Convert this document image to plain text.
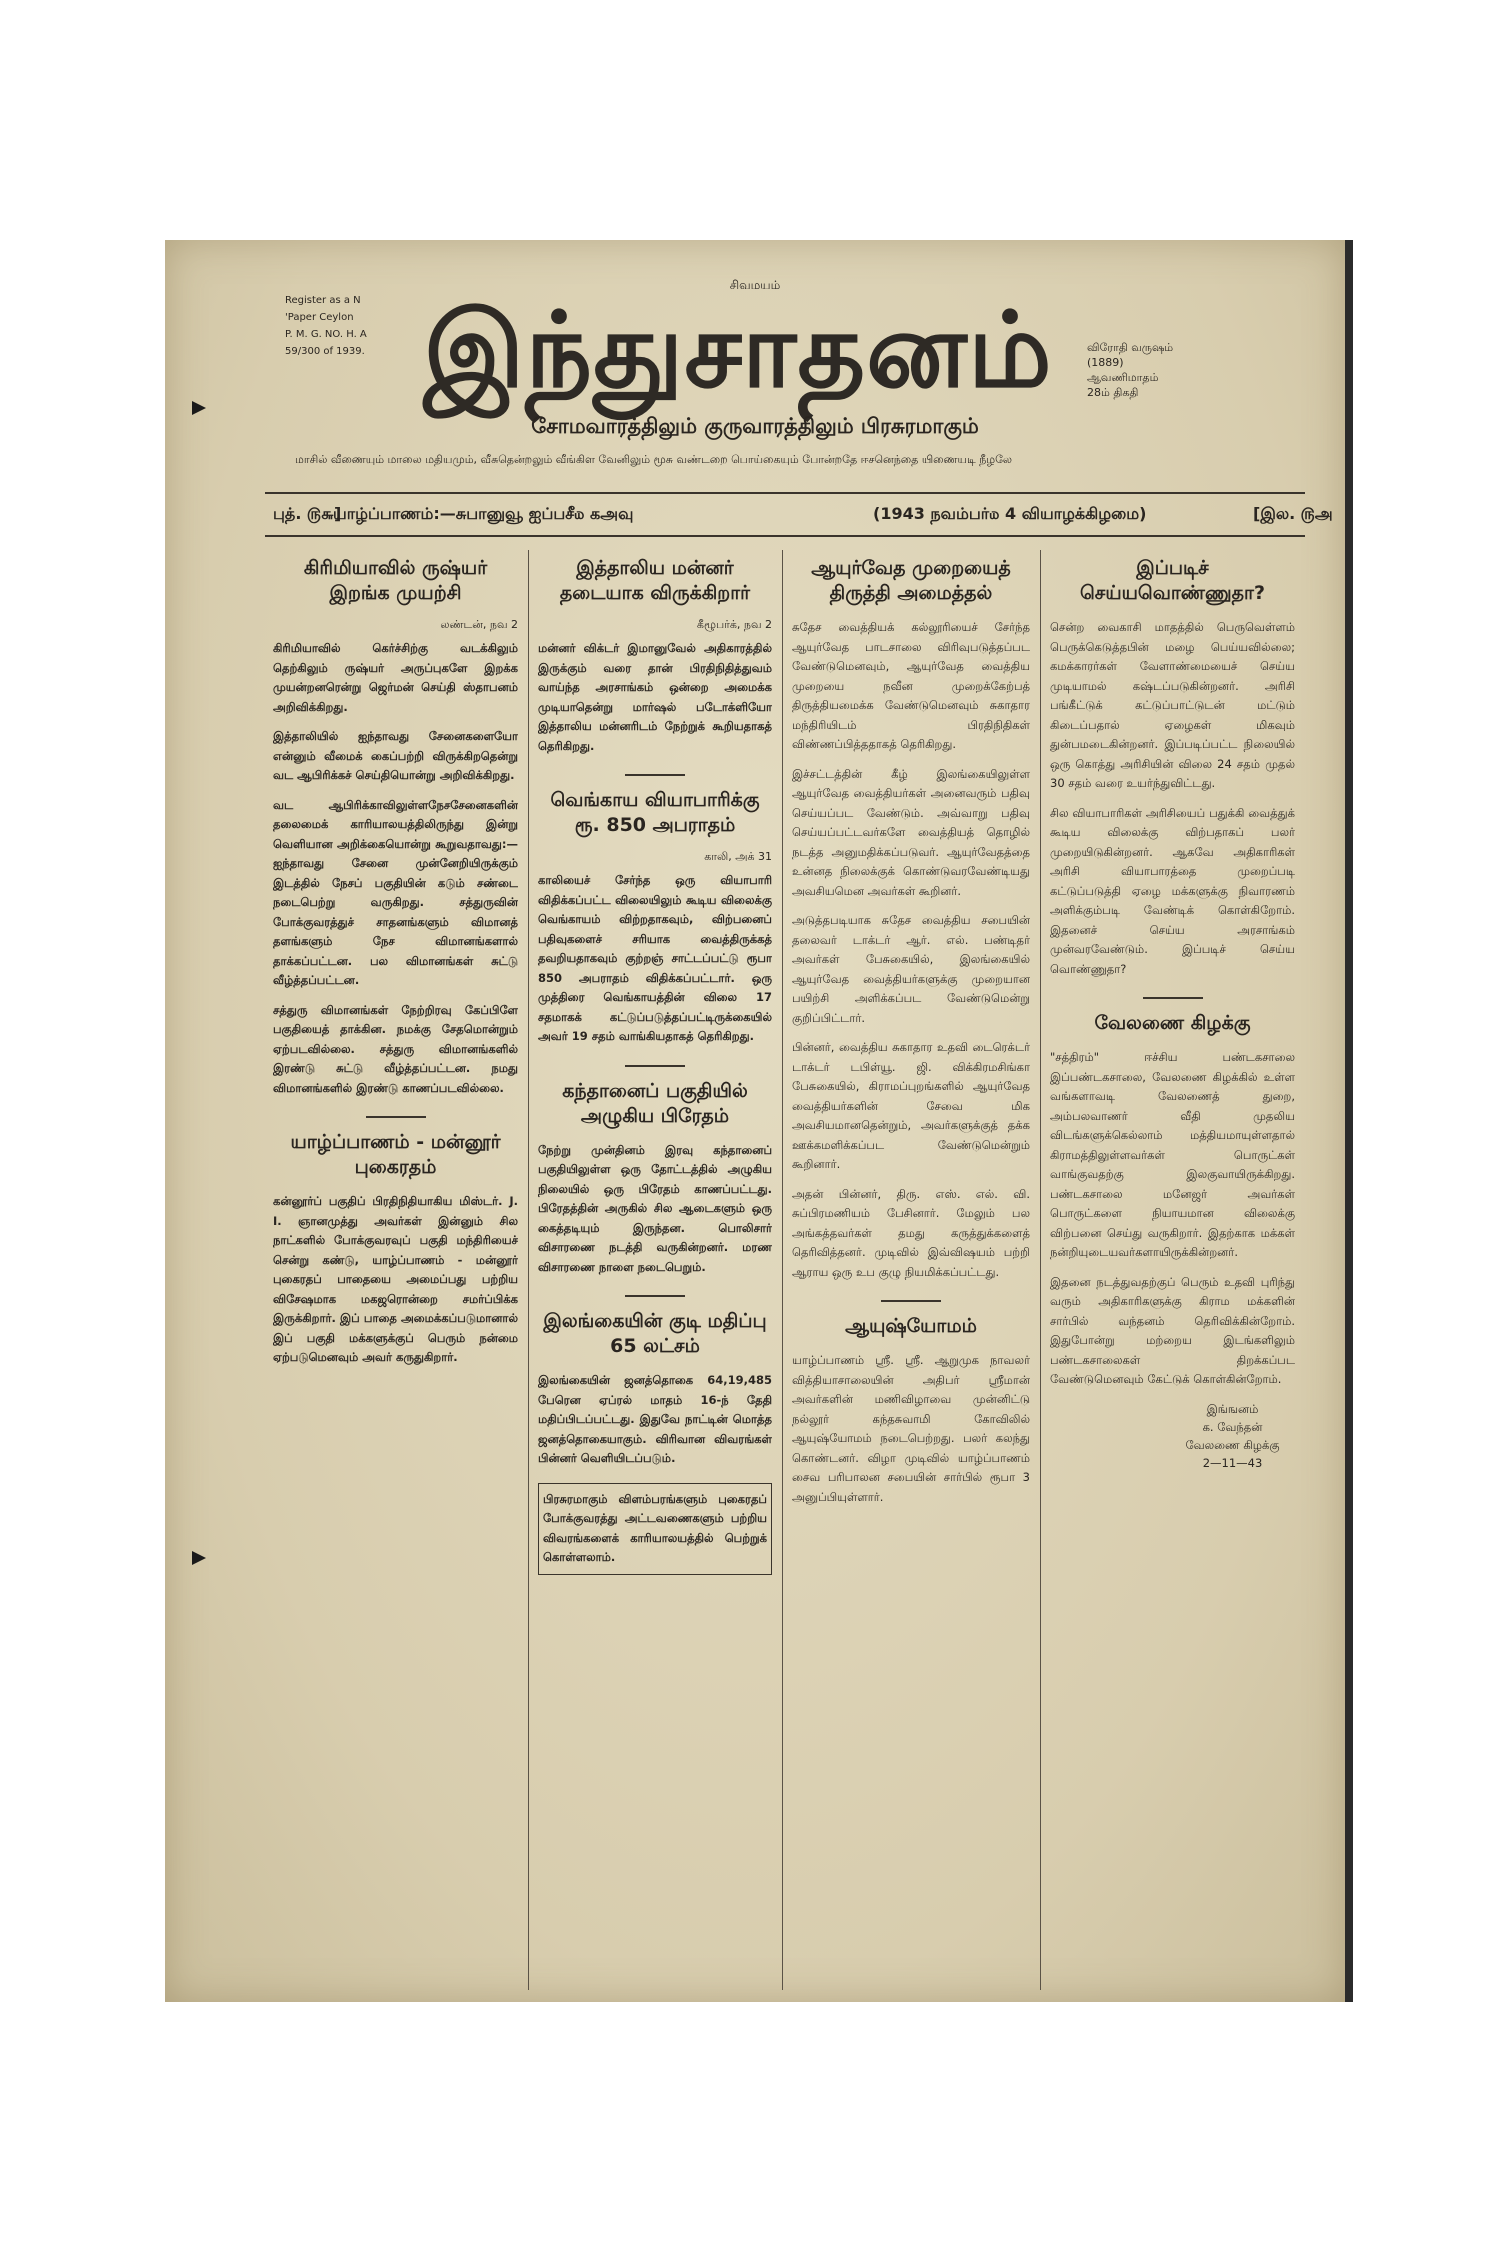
Register as a N
'Paper Ceylon
P. M. G. NO. H. A
59/300 of 1939.
சிவமயம்
இந்துசாதனம்	விரோதி வருஷம்
(1889)
ஆவணிமாதம்
28ம் திகதி
சோமவாரத்திலும் குருவாரத்திலும் பிரசுரமாகும்
மாசில் வீணையும் மாலை மதியமும், வீசுதென்றலும் வீங்கிள வேனிலும் மூசு வண்டறை பொய்கையும் போன்றதே ஈசனெந்தை யிணையடி நீழலே
புத். ௫௬]
யாழ்ப்பாணம்:—சுபானுவூ ஐப்பசீ௰ கஅவு	(1943 நவம்பர்௰ 4 வியாழக்கிழமை)	[இல. ௫அ
கிரிமியாவில் ருஷ்யர் இறங்க முயற்சி
லண்டன், நவ 2
கிரிமியாவில் கெர்ச்சிற்கு வடக்கிலும் தெற்கிலும் ருஷ்யர் அருப்புகளே இறக்க முயன்றனரென்று ஜெர்மன் செய்தி ஸ்தாபனம் அறிவிக்கிறது.
இத்தாலியில் ஐந்தாவது சேனைகளையோ என்னும் வீமைக் கைப்பற்றி விருக்கிறதென்று வட ஆபிரிக்கச் செய்தியொன்று அறிவிக்கிறது.
வட ஆபிரிக்காவிலுள்ளநேசசேனைகளின் தலைமைக் காரியாலயத்திலிருந்து இன்று வெளியான அறிக்கையொன்று கூறுவதாவது:— ஐந்தாவது சேனை முன்னேறியிருக்கும் இடத்தில் நேசப் பகுதியின் கடும் சண்டை நடைபெற்று வருகிறது. சத்துருவின் போக்குவரத்துச் சாதனங்களும் விமானத் தளங்களும் நேச விமானங்களால் தாக்கப்பட்டன. பல விமானங்கள் சுட்டு வீழ்த்தப்பட்டன.
சத்துரு விமானங்கள் நேற்றிரவு கேப்பிளே பகுதியைத் தாக்கின. நமக்கு சேதமொன்றும் ஏற்படவில்லை. சத்துரு விமானங்களில் இரண்டு சுட்டு வீழ்த்தப்பட்டன. நமது விமானங்களில் இரண்டு காணப்படவில்லை.
யாழ்ப்பாணம் - மன்னூர் புகைரதம்
கன்னூர்ப் பகுதிப் பிரதிநிதியாகிய மிஸ்டர். J. I. ஞானமுத்து அவர்கள் இன்னும் சில நாட்களில் போக்குவரவுப் பகுதி மந்திரியைச் சென்று கண்டு, யாழ்ப்பாணம் - மன்னூர் புகைரதப் பாதையை அமைப்பது பற்றிய விசேஷமாக மகஜரொன்றை சமர்ப்பிக்க இருக்கிறார். இப் பாதை அமைக்கப்படுமானால் இப் பகுதி மக்களுக்குப் பெரும் நன்மை ஏற்படுமெனவும் அவர் கருதுகிறார்.
இத்தாலிய மன்னர் தடையாக விருக்கிறார்
கீழூபர்க், நவ 2
மன்னர் விக்டர் இமானுவேல் அதிகாரத்தில் இருக்கும் வரை தான் பிரதிநிதித்துவம் வாய்ந்த அரசாங்கம் ஒன்றை அமைக்க முடியாதென்று மார்ஷல் படோக்ளியோ இத்தாலிய மன்னரிடம் நேற்றுக் கூறியதாகத் தெரிகிறது.
வெங்காய வியாபாரிக்கு ரூ. 850 அபராதம்
காலி, அக் 31
காலியைச் சேர்ந்த ஒரு வியாபாரி விதிக்கப்பட்ட விலையிலும் கூடிய விலைக்கு வெங்காயம் விற்றதாகவும், விற்பனைப் பதிவுகளைச் சரியாக வைத்திருக்கத் தவறியதாகவும் குற்றஞ் சாட்டப்பட்டு ரூபா 850 அபராதம் விதிக்கப்பட்டார். ஒரு முத்திரை வெங்காயத்தின் விலை 17 சதமாகக் கட்டுப்படுத்தப்பட்டிருக்கையில் அவர் 19 சதம் வாங்கியதாகத் தெரிகிறது.
கந்தானைப் பகுதியில் அழுகிய பிரேதம்
நேற்று முன்தினம் இரவு கந்தானைப் பகுதியிலுள்ள ஒரு தோட்டத்தில் அழுகிய நிலையில் ஒரு பிரேதம் காணப்பட்டது. பிரேதத்தின் அருகில் சில ஆடைகளும் ஒரு கைத்தடியும் இருந்தன. பொலிசார் விசாரணை நடத்தி வருகின்றனர். மரண விசாரணை நாளை நடைபெறும்.
இலங்கையின் குடி மதிப்பு 65 லட்சம்
இலங்கையின் ஜனத்தொகை 64,19,485 பேரென ஏப்ரல் மாதம் 16-ந் தேதி மதிப்பிடப்பட்டது. இதுவே நாட்டின் மொத்த ஜனத்தொகையாகும். விரிவான விவரங்கள் பின்னர் வெளியிடப்படும்.
பிரசுரமாகும் விளம்பரங்களும் புகைரதப் போக்குவரத்து அட்டவணைகளும் பற்றிய விவரங்களைக் காரியாலயத்தில் பெற்றுக் கொள்ளலாம்.
ஆயுர்வேத முறையைத் திருத்தி அமைத்தல்
சுதேச வைத்தியக் கல்லூரியைச் சேர்ந்த ஆயுர்வேத பாடசாலை விரிவுபடுத்தப்பட வேண்டுமெனவும், ஆயுர்வேத வைத்திய முறையை நவீன முறைக்கேற்பத் திருத்தியமைக்க வேண்டுமெனவும் சுகாதார மந்திரியிடம் பிரதிநிதிகள் விண்ணப்பித்ததாகத் தெரிகிறது.
இச்சட்டத்தின் கீழ் இலங்கையிலுள்ள ஆயுர்வேத வைத்தியர்கள் அனைவரும் பதிவு செய்யப்பட வேண்டும். அவ்வாறு பதிவு செய்யப்பட்டவர்களே வைத்தியத் தொழில் நடத்த அனுமதிக்கப்படுவர். ஆயுர்வேதத்தை உன்னத நிலைக்குக் கொண்டுவரவேண்டியது அவசியமென அவர்கள் கூறினர்.
அடுத்தபடியாக சுதேச வைத்திய சபையின் தலைவர் டாக்டர் ஆர். எல். பண்டிதர் அவர்கள் பேசுகையில், இலங்கையில் ஆயுர்வேத வைத்தியர்களுக்கு முறையான பயிற்சி அளிக்கப்பட வேண்டுமென்று குறிப்பிட்டார்.
பின்னர், வைத்திய சுகாதார உதவி டைரெக்டர் டாக்டர் டபிள்யூ. ஜி. விக்கிரமசிங்கா பேசுகையில், கிராமப்புறங்களில் ஆயுர்வேத வைத்தியர்களின் சேவை மிக அவசியமானதென்றும், அவர்களுக்குத் தக்க ஊக்கமளிக்கப்பட வேண்டுமென்றும் கூறினார்.
அதன் பின்னர், திரு. எஸ். எல். வி. சுப்பிரமணியம் பேசினார். மேலும் பல அங்கத்தவர்கள் தமது கருத்துக்களைத் தெரிவித்தனர். முடிவில் இவ்விஷயம் பற்றி ஆராய ஒரு உப குழு நியமிக்கப்பட்டது.
ஆயுஷ்யோமம்
யாழ்ப்பாணம் ஸ்ரீ. ஸ்ரீ. ஆறுமுக நாவலர் வித்தியாசாலையின் அதிபர் ஸ்ரீமான் அவர்களின் மணிவிழாவை முன்னிட்டு நல்லூர் கந்தசுவாமி கோவிலில் ஆயுஷ்யோமம் நடைபெற்றது. பலர் கலந்து கொண்டனர். விழா முடிவில் யாழ்ப்பாணம் சைவ பரிபாலன சபையின் சார்பில் ரூபா 3 அனுப்பியுள்ளார்.
இப்படிச் செய்யவொண்ணுதா?
சென்ற வைகாசி மாதத்தில் பெருவெள்ளம் பெருக்கெடுத்தபின் மழை பெய்யவில்லை; கமக்காரர்கள் வேளாண்மையைச் செய்ய முடியாமல் கஷ்டப்படுகின்றனர். அரிசி பங்கீட்டுக் கட்டுப்பாட்டுடன் மட்டும் கிடைப்பதால் ஏழைகள் மிகவும் துன்பமடைகின்றனர். இப்படிப்பட்ட நிலையில் ஒரு கொத்து அரிசியின் விலை 24 சதம் முதல் 30 சதம் வரை உயர்ந்துவிட்டது.
சில வியாபாரிகள் அரிசியைப் பதுக்கி வைத்துக் கூடிய விலைக்கு விற்பதாகப் பலர் முறையிடுகின்றனர். ஆகவே அதிகாரிகள் அரிசி வியாபாரத்தை முறைப்படி கட்டுப்படுத்தி ஏழை மக்களுக்கு நிவாரணம் அளிக்கும்படி வேண்டிக் கொள்கிறோம். இதனைச் செய்ய அரசாங்கம் முன்வரவேண்டும். இப்படிச் செய்ய வொண்ணுதா?
வேலணை கிழக்கு
"சத்திரம்" ஈச்சிய பண்டகசாலை இப்பண்டகசாலை, வேலணை கிழக்கில் உள்ள வங்களாவடி வேலணைத் துறை, அம்பலவாணர் வீதி முதலிய விடங்களுக்கெல்லாம் மத்தியமாயுள்ளதால் கிராமத்திலுள்ளவர்கள் பொருட்கள் வாங்குவதற்கு இலகுவாயிருக்கிறது. பண்டகசாலை மனேஜர் அவர்கள் பொருட்களை நியாயமான விலைக்கு விற்பனை செய்து வருகிறார். இதற்காக மக்கள் நன்றியுடையவர்களாயிருக்கின்றனர்.
இதனை நடத்துவதற்குப் பெரும் உதவி புரிந்து வரும் அதிகாரிகளுக்கு கிராம மக்களின் சார்பில் வந்தனம் தெரிவிக்கின்றோம். இதுபோன்று மற்றைய இடங்களிலும் பண்டகசாலைகள் திறக்கப்பட வேண்டுமெனவும் கேட்டுக் கொள்கின்றோம்.
இங்ஙனம்
க. வேந்தன்
வேலணை கிழக்கு
2—11—43
